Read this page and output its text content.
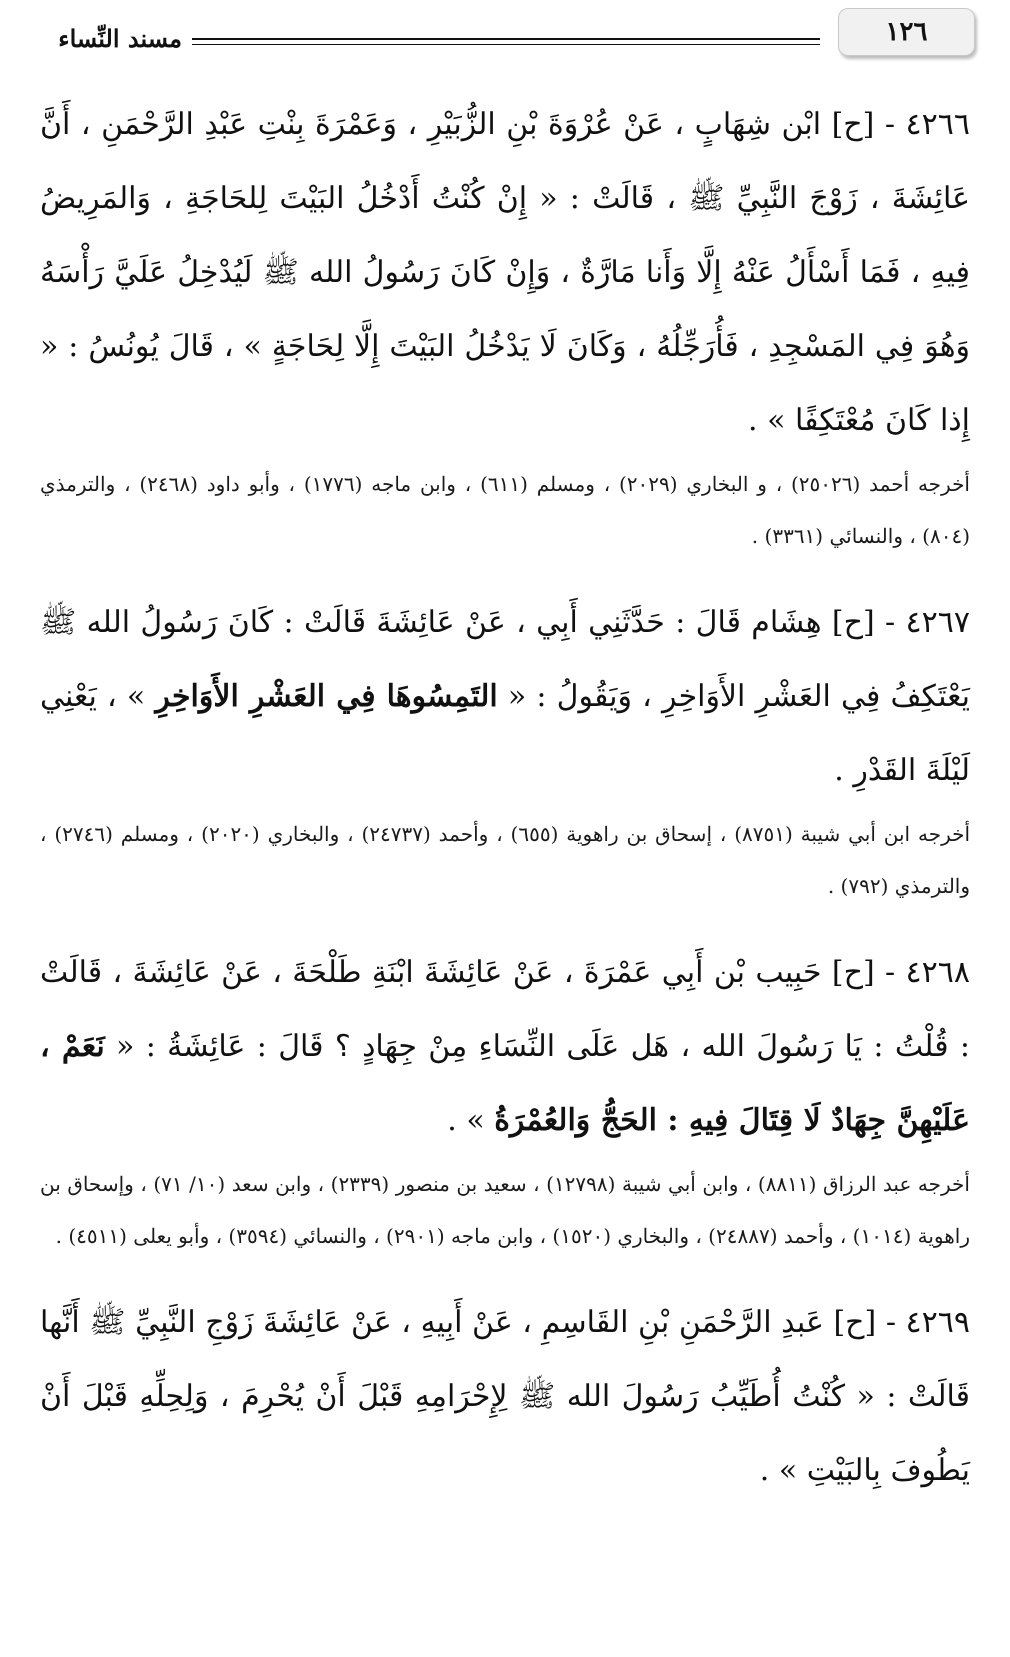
١٢٦
مسند النِّساء

٤٢٦٦ - [ح] ابْن شِهَابٍ ، عَنْ عُرْوَةَ بْنِ الزُّبَيْرِ ، وَعَمْرَةَ بِنْتِ عَبْدِ الرَّحْمَنِ ، أَنَّ عَائِشَةَ ، زَوْجَ النَّبِيِّ ﷺ ، قَالَتْ : « إِنْ كُنْتُ أَدْخُلُ البَيْتَ لِلحَاجَةِ ، وَالمَرِيضُ فِيهِ ، فَمَا أَسْأَلُ عَنْهُ إِلَّا وَأَنا مَارَّةٌ ، وَإِنْ كَانَ رَسُولُ الله ﷺ لَيُدْخِلُ عَلَيَّ رَأْسَهُ وَهُوَ فِي المَسْجِدِ ، فَأُرَجِّلُهُ ، وَكَانَ لَا يَدْخُلُ البَيْتَ إِلَّا لِحَاجَةٍ » ، قَالَ يُونُسُ : « إِذا كَانَ مُعْتَكِفًا » .

أخرجه أحمد (٢٥٠٢٦) ، و البخاري (٢٠٢٩) ، ومسلم (٦١١) ، وابن ماجه (١٧٧٦) ، وأبو داود (٢٤٦٨) ، والترمذي (٨٠٤) ، والنسائي (٣٣٦١) .

٤٢٦٧ - [ح] هِشَام قَالَ : حَدَّثَنِي أَبِي ، عَنْ عَائِشَةَ قَالَتْ : كَانَ رَسُولُ الله ﷺ يَعْتَكِفُ فِي العَشْرِ الأَوَاخِرِ ، وَيَقُولُ : « التَمِسُوهَا فِي العَشْرِ الأَوَاخِرِ » ، يَعْنِي لَيْلَةَ القَدْرِ .

أخرجه ابن أبي شيبة (٨٧٥١) ، إسحاق بن راهوية (٦٥٥) ، وأحمد (٢٤٧٣٧) ، والبخاري (٢٠٢٠) ، ومسلم (٢٧٤٦) ، والترمذي (٧٩٢) .

٤٢٦٨ - [ح] حَبِيب بْن أَبِي عَمْرَةَ ، عَنْ عَائِشَةَ ابْنَةِ طَلْحَةَ ، عَنْ عَائِشَةَ ، قَالَتْ : قُلْتُ : يَا رَسُولَ الله ، هَل عَلَى النِّسَاءِ مِنْ جِهَادٍ ؟ قَالَ : عَائِشَةُ : « نَعَمْ ، عَلَيْهِنَّ جِهَادٌ لَا قِتَالَ فِيهِ : الحَجُّ وَالعُمْرَةُ » .

أخرجه عبد الرزاق (٨٨١١) ، وابن أبي شيبة (١٢٧٩٨) ، سعيد بن منصور (٢٣٣٩) ، وابن سعد (١٠/ ٧١) ، وإسحاق بن راهوية (١٠١٤) ، وأحمد (٢٤٨٨٧) ، والبخاري (١٥٢٠) ، وابن ماجه (٢٩٠١) ، والنسائي (٣٥٩٤) ، وأبو يعلى (٤٥١١) .

٤٢٦٩ - [ح] عَبدِ الرَّحْمَنِ بْنِ القَاسِمِ ، عَنْ أَبِيهِ ، عَنْ عَائِشَةَ زَوْجِ النَّبِيِّ ﷺ أَنَّها قَالَتْ : « كُنْتُ أُطَيِّبُ رَسُولَ الله ﷺ لِإِحْرَامِهِ قَبْلَ أَنْ يُحْرِمَ ، وَلِحِلِّهِ قَبْلَ أَنْ يَطُوفَ بِالبَيْتِ » .
